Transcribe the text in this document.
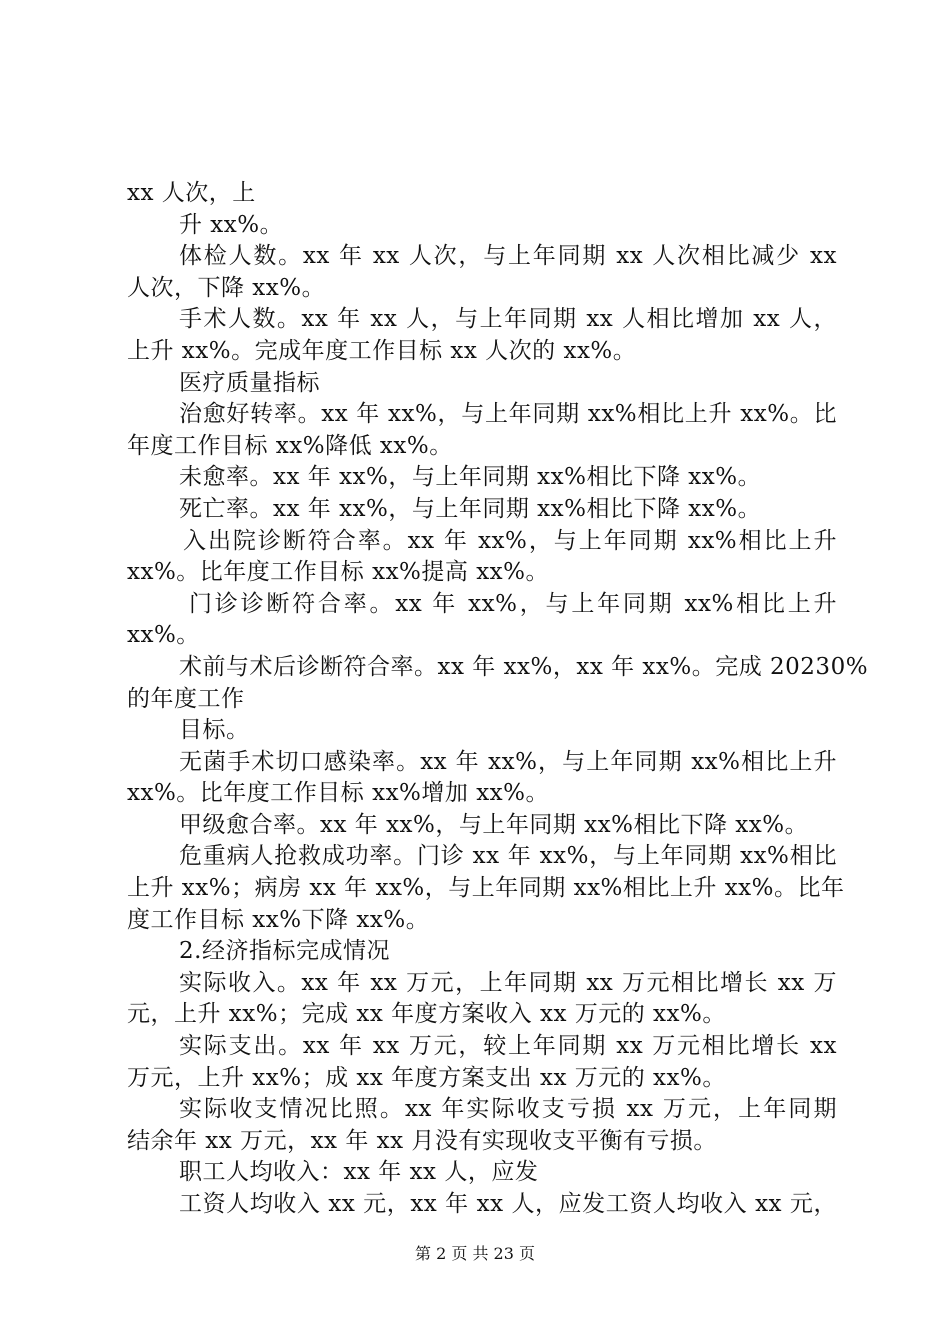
xx 人次，上
升 xx%。
体检人数。xx 年 xx 人次，与上年同期 xx 人次相比减少 xx
人次，下降 xx%。
手术人数。xx 年 xx 人，与上年同期 xx 人相比增加 xx 人，
上升 xx%。完成年度工作目标 xx 人次的 xx%。
医疗质量指标
治愈好转率。xx 年 xx%，与上年同期 xx%相比上升 xx%。比
年度工作目标 xx%降低 xx%。
未愈率。xx 年 xx%，与上年同期 xx%相比下降 xx%。
死亡率。xx 年 xx%，与上年同期 xx%相比下降 xx%。
入出院诊断符合率。xx 年 xx%，与上年同期 xx%相比上升
xx%。比年度工作目标 xx%提高 xx%。
门诊诊断符合率。xx 年 xx%，与上年同期 xx%相比上升
xx%。
术前与术后诊断符合率。xx 年 xx%，xx 年 xx%。完成 20230%
的年度工作
目标。
无菌手术切口感染率。xx 年 xx%，与上年同期 xx%相比上升
xx%。比年度工作目标 xx%增加 xx%。
甲级愈合率。xx 年 xx%，与上年同期 xx%相比下降 xx%。
危重病人抢救成功率。门诊 xx 年 xx%，与上年同期 xx%相比
上升 xx%；病房 xx 年 xx%，与上年同期 xx%相比上升 xx%。比年
度工作目标 xx%下降 xx%。
2.经济指标完成情况
实际收入。xx 年 xx 万元，上年同期 xx 万元相比增长 xx 万
元，上升 xx%；完成 xx 年度方案收入 xx 万元的 xx%。
实际支出。xx 年 xx 万元，较上年同期 xx 万元相比增长 xx
万元，上升 xx%；成 xx 年度方案支出 xx 万元的 xx%。
实际收支情况比照。xx 年实际收支亏损 xx 万元，上年同期
结余年 xx 万元，xx 年 xx 月没有实现收支平衡有亏损。
职工人均收入：xx 年 xx 人，应发
工资人均收入 xx 元，xx 年 xx 人，应发工资人均收入 xx 元，
第 2 页 共 23 页
